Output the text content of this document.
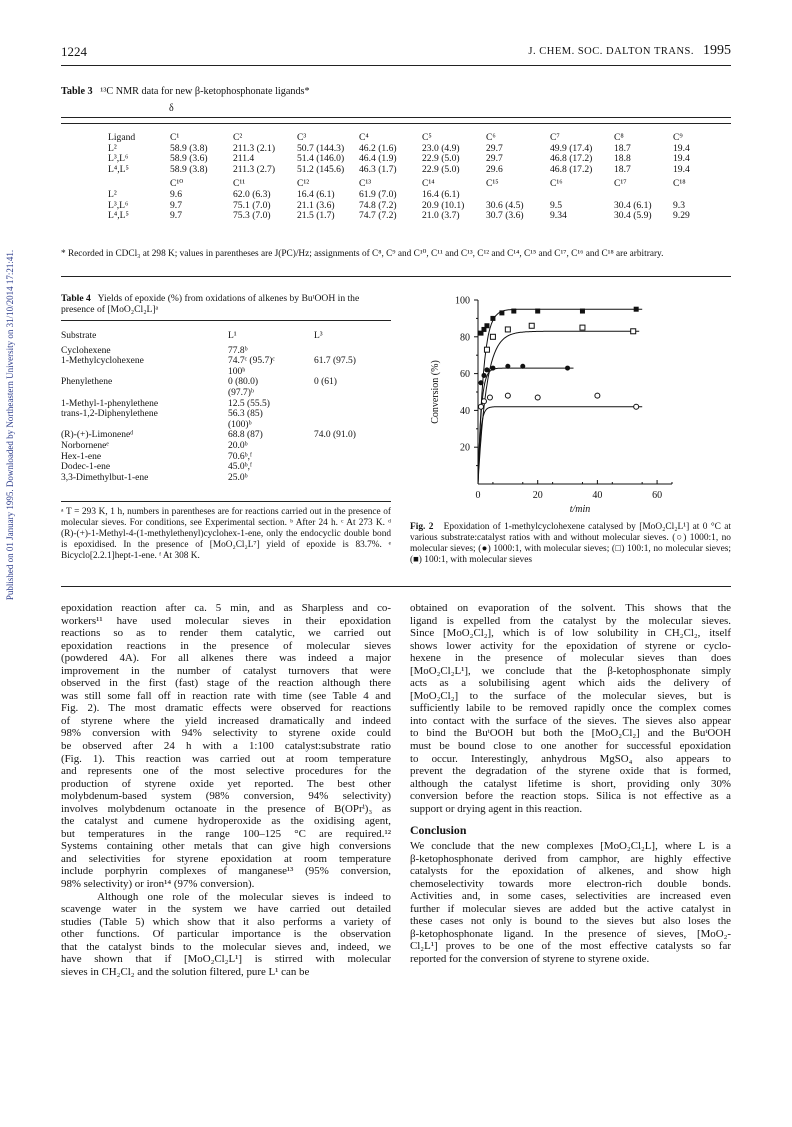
Published on 01 January 1995. Downloaded by Northeastern University on 31/10/2014 17:21:41.
1224	J. CHEM. SOC. DALTON TRANS. 1995
Table 3 ¹³C NMR data for new β-ketophosphonate ligands*
δ
Ligand	C¹	C²	C³	C⁴	C⁵	C⁶	C⁷	C⁸	C⁹
L²	58.9 (3.8)	211.3 (2.1)	50.7 (144.3)	46.2 (1.6)	23.0 (4.9)	29.7	49.9 (17.4)	18.7	19.4
L³,L⁶	58.9 (3.6)	211.4	51.4 (146.0)	46.4 (1.9)	22.9 (5.0)	29.7	46.8 (17.2)	18.8	19.4
L⁴,L⁵	58.9 (3.8)	211.3 (2.7)	51.2 (145.6)	46.3 (1.7)	22.9 (5.0)	29.6	46.8 (17.2)	18.7	19.4

	C¹⁰	C¹¹	C¹²	C¹³	C¹⁴	C¹⁵	C¹⁶	C¹⁷	C¹⁸
L²	9.6	62.0 (6.3)	16.4 (6.1)	61.9 (7.0)	16.4 (6.1)				
L³,L⁶	9.7	75.1 (7.0)	21.1 (3.6)	74.8 (7.2)	20.9 (10.1)	30.6 (4.5)	9.5	30.4 (6.1)	9.3
L⁴,L⁵	9.7	75.3 (7.0)	21.5 (1.7)	74.7 (7.2)	21.0 (3.7)	30.7 (3.6)	9.34	30.4 (5.9)	9.29
* Recorded in CDCl₃ at 298 K; values in parentheses are J(PC)/Hz; assignments of C⁸, C⁹ and C¹⁰, C¹¹ and C¹³, C¹² and C¹⁴, C¹⁵ and C¹⁷, C¹⁶ and C¹⁸ are arbitrary.
Table 4 Yields of epoxide (%) from oxidations of alkenes by BuᵗOOH in the presence of [MoO₂Cl₂L]ᵃ
Substrate	L¹	L³

Cyclohexene	77.8ᵇ	
1-Methylcyclohexene	74.7ᶜ (95.7)ᶜ	61.7 (97.5)
	100ᵇ	
Phenylethene	0 (80.0)	0 (61)
	(97.7)ᵇ	
1-Methyl-1-phenylethene	12.5 (55.5)	
trans-1,2-Diphenylethene	56.3 (85)	
	(100)ᵇ	
(R)-(+)-Limoneneᵈ	68.8 (87)	74.0 (91.0)
Norborneneᵉ	20.0ᵇ	
Hex-1-ene	70.6ᵇ,ᶠ	
Dodec-1-ene	45.0ᵇ,ᶠ	
3,3-Dimethylbut-1-ene	25.0ᵇ	
ᵃ T = 293 K, 1 h, numbers in parentheses are for reactions carried out in the presence of molecular sieves. For conditions, see Experimental section. ᵇ After 24 h. ᶜ At 273 K. ᵈ (R)-(+)-1-Methyl-4-(1-methylethenyl)cyclohex-1-ene, only the endocyclic double bond is epoxidised. In the presence of [MoO₂Cl₂L⁷] yield of epoxide is 83.7%. ᵉ Bicyclo[2.2.1]hept-1-ene. ᶠ At 308 K.
0	20	40	60
20
40
60
80
100
t/min
Conversion (%)
Fig. 2 Epoxidation of 1-methylcyclohexene catalysed by [MoO₂Cl₂L¹] at 0 °C at various substrate:catalyst ratios with and without molecular sieves. (○) 1000:1, no molecular sieves; (●) 1000:1, with molecular sieves; (□) 100:1, no molecular sieves; (■) 100:1, with molecular sieves
epoxidation reaction after ca. 5 min, and as Sharpless and co-
workers¹¹ have used molecular sieves in their epoxidation
reactions so as to render them catalytic, we carried out
epoxidation reactions in the presence of molecular sieves
(powdered 4A). For all alkenes there was indeed a major
improvement in the number of catalyst turnovers that were
observed in the first (fast) stage of the reaction although there
was still some fall off in reaction rate with time (see Table 4 and
Fig. 2). The most dramatic effects were observed for reactions
of styrene where the yield increased dramatically and indeed
98% conversion with 94% selectivity to styrene oxide could
be observed after 24 h with a 1:100 catalyst:substrate ratio
(Fig. 1). This reaction was carried out at room temperature
and represents one of the most selective procedures for the
production of styrene oxide yet reported. The best other
molybdenum-based system (98% conversion, 94% selectivity)
involves molybdenum octanoate in the presence of B(OPrⁱ)₃ as
the catalyst and cumene hydroperoxide as the oxidising agent,
but temperatures in the range 100–125 °C are required.¹²
Systems containing other metals that can give high conversions
and selectivities for styrene epoxidation at room temperature
include porphyrin complexes of manganese¹³ (95% conversion,
98% selectivity) or iron¹⁴ (97% conversion).
Although one role of the molecular sieves is indeed to
scavenge water in the system we have carried out detailed
studies (Table 5) which show that it also performs a variety of
other functions. Of particular importance is the observation
that the catalyst binds to the molecular sieves and, indeed, we
have shown that if [MoO₂Cl₂L¹] is stirred with molecular
sieves in CH₂Cl₂ and the solution filtered, pure L¹ can be
obtained on evaporation of the solvent. This shows that the
ligand is expelled from the catalyst by the molecular sieves.
Since [MoO₂Cl₂], which is of low solubility in CH₂Cl₂, itself
shows lower activity for the epoxidation of styrene or cyclo-
hexene in the presence of molecular sieves than does
[MoO₂Cl₂L¹], we conclude that the β-ketophosphonate simply
acts as a solubilising agent which aids the delivery of
[MoO₂Cl₂] to the surface of the molecular sieves, but is
sufficiently labile to be removed rapidly once the complex comes
into contact with the surface of the sieves. The sieves also appear
to bind the BuᵗOOH but both the [MoO₂Cl₂] and the BuᵗOOH
must be bound close to one another for successful epoxidation
to occur. Interestingly, anhydrous MgSO₄ also appears to
prevent the degradation of the styrene oxide that is formed,
although the catalyst lifetime is short, providing only 30%
conversion before the reaction stops. Silica is not effective as a
support or drying agent in this reaction.
Conclusion
We conclude that the new complexes [MoO₂Cl₂L], where L is a
β-ketophosphonate derived from camphor, are highly effective
catalysts for the epoxidation of alkenes, and show high
chemoselectivity towards more electron-rich double bonds.
Activities and, in some cases, selectivities are increased even
further if molecular sieves are added but the active catalyst in
these cases not only is bound to the sieves but also loses the
β-ketophosphonate ligand. In the presence of sieves, [MoO₂-
Cl₂L¹] proves to be one of the most effective catalysts so far
reported for the conversion of styrene to styrene oxide.
